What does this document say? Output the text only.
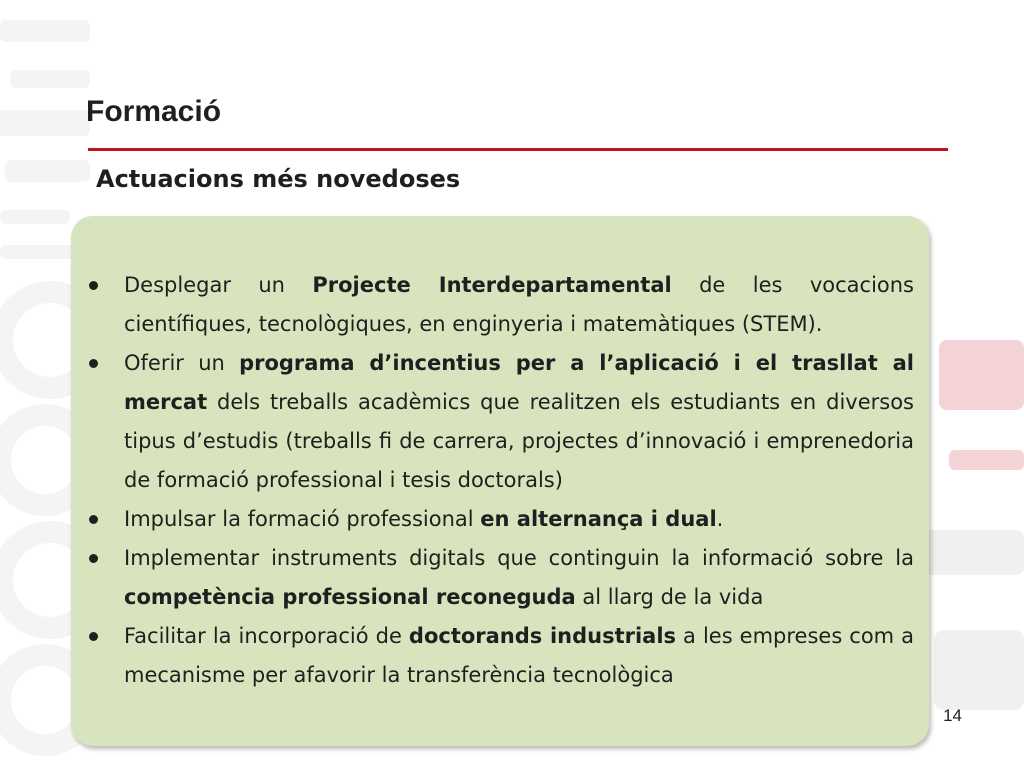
Formació
Actuacions més novedoses
Desplegar un Projecte Interdepartamental de les vocacions científiques, tecnològiques, en enginyeria i matemàtiques (STEM).
Oferir un programa d’incentius per a l’aplicació i el trasllat al mercat dels treballs acadèmics que realitzen els estudiants en diversos tipus d’estudis (treballs fi de carrera, projectes d’innovació i emprenedoria de formació professional i tesis doctorals)
Impulsar la formació professional en alternança i dual.
Implementar instruments digitals que continguin la informació sobre la competència professional reconeguda al llarg de la vida
Facilitar la incorporació de doctorands industrials a les empreses com a mecanisme per afavorir la transferència tecnològica
14
